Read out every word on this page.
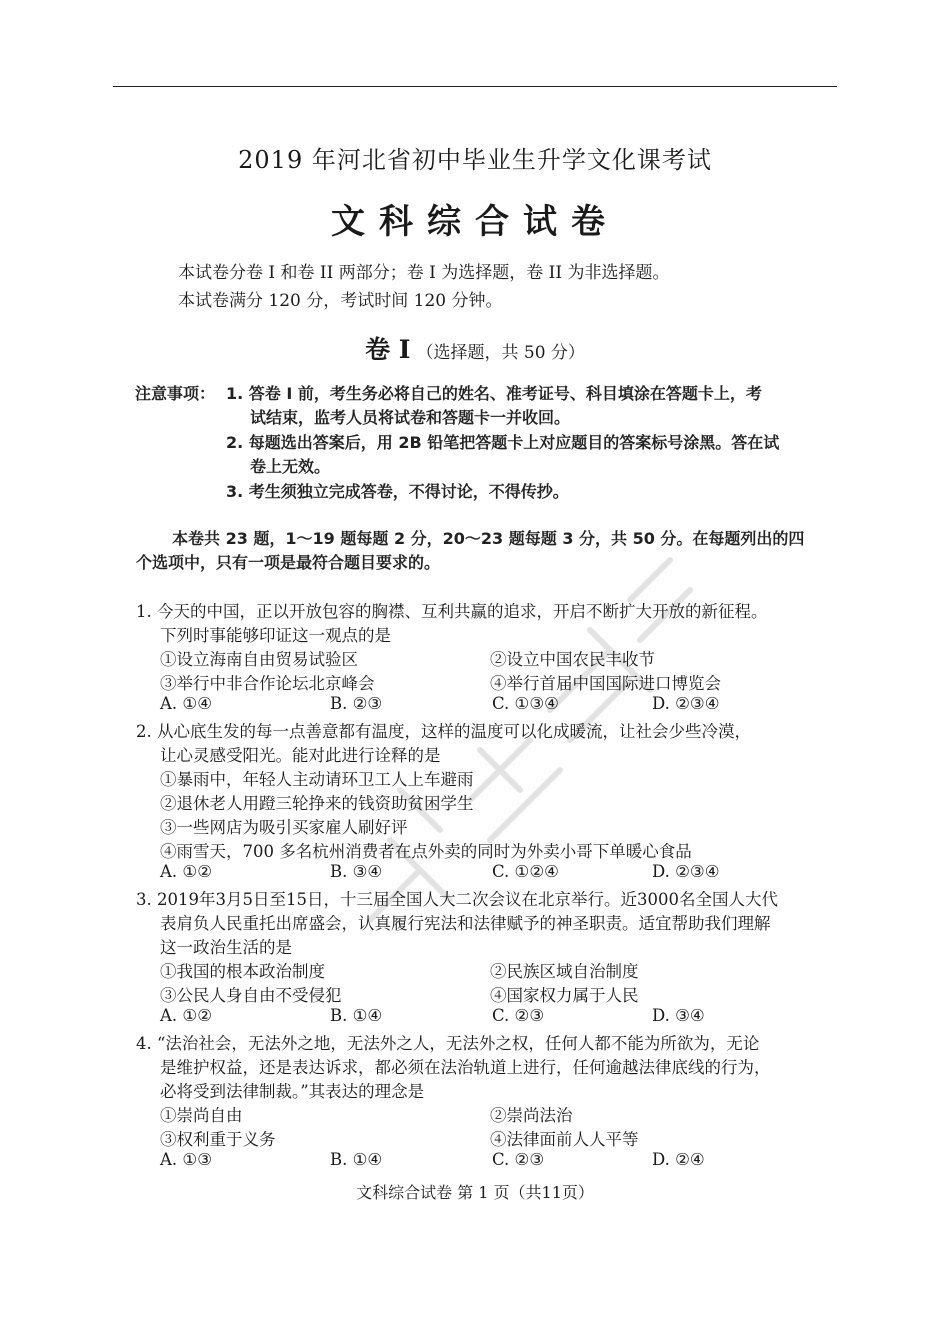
2019 年河北省初中毕业生升学文化课考试
文科综合试卷
本试卷分卷 I 和卷 II 两部分；卷 I 为选择题，卷 II 为非选择题。
本试卷满分 120 分，考试时间 120 分钟。
卷 I （选择题，共 50 分）
注意事项： 1. 答卷 I 前，考生务必将自己的姓名、准考证号、科目填涂在答题卡上，考
试结束，监考人员将试卷和答题卡一并收回。
2. 每题选出答案后，用 2B 铅笔把答题卡上对应题目的答案标号涂黑。答在试
卷上无效。
3. 考生须独立完成答卷，不得讨论，不得传抄。
本卷共 23 题，1～19 题每题 2 分，20～23 题每题 3 分，共 50 分。在每题列出的四
个选项中，只有一项是最符合题目要求的。
1. 今天的中国，正以开放包容的胸襟、互利共赢的追求，开启不断扩大开放的新征程。
下列时事能够印证这一观点的是
①设立海南自由贸易试验区	②设立中国农民丰收节
③举行中非合作论坛北京峰会	④举行首届中国国际进口博览会
A. ①④	B. ②③	C. ①③④	D. ②③④
2. 从心底生发的每一点善意都有温度，这样的温度可以化成暖流，让社会少些冷漠，
让心灵感受阳光。能对此进行诠释的是
①暴雨中，年轻人主动请环卫工人上车避雨
②退休老人用蹬三轮挣来的钱资助贫困学生
③一些网店为吸引买家雇人刷好评
④雨雪天，700 多名杭州消费者在点外卖的同时为外卖小哥下单暖心食品
A. ①②	B. ③④	C. ①②④	D. ②③④
3. 2019年3月5日至15日，十三届全国人大二次会议在北京举行。近3000名全国人大代
表肩负人民重托出席盛会，认真履行宪法和法律赋予的神圣职责。适宜帮助我们理解
这一政治生活的是
①我国的根本政治制度	②民族区域自治制度
③公民人身自由不受侵犯	④国家权力属于人民
A. ①②	B. ①④	C. ②③	D. ③④
4. “法治社会，无法外之地，无法外之人，无法外之权，任何人都不能为所欲为，无论
是维护权益，还是表达诉求，都必须在法治轨道上进行，任何逾越法律底线的行为，
必将受到法律制裁。”其表达的理念是
①崇尚自由	②崇尚法治
③权利重于义务	④法律面前人人平等
A. ①③	B. ①④	C. ②③	D. ②④
文科综合试卷 第 1 页（共11页）
